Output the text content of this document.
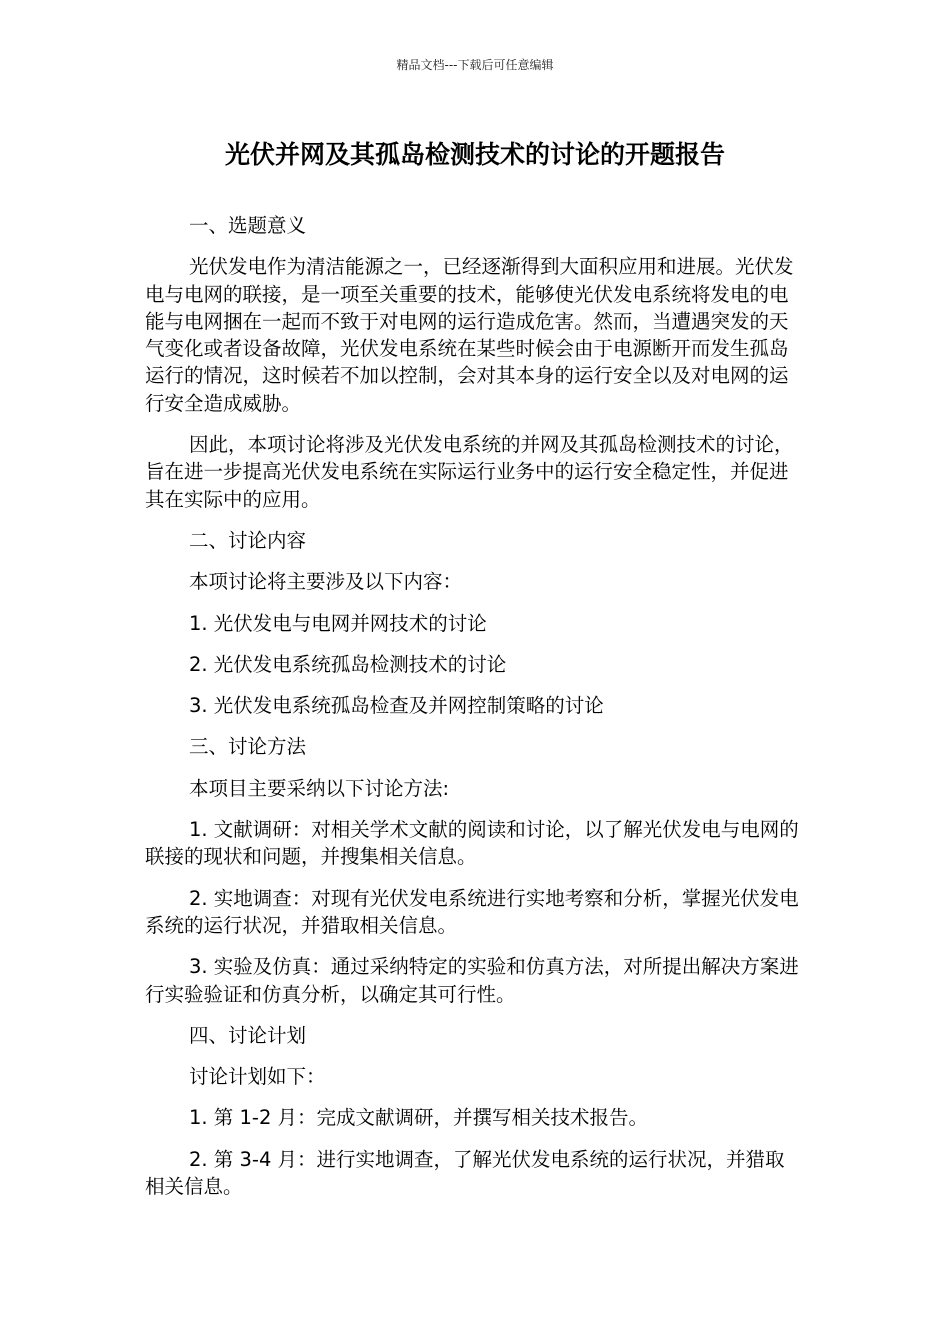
精品文档---下载后可任意编辑
光伏并网及其孤岛检测技术的讨论的开题报告

一、选题意义

光伏发电作为清洁能源之一，已经逐渐得到大面积应用和进展。光伏发电与电网的联接，是一项至关重要的技术，能够使光伏发电系统将发电的电能与电网捆在一起而不致于对电网的运行造成危害。然而，当遭遇突发的天气变化或者设备故障，光伏发电系统在某些时候会由于电源断开而发生孤岛运行的情况，这时候若不加以控制，会对其本身的运行安全以及对电网的运行安全造成威胁。

因此，本项讨论将涉及光伏发电系统的并网及其孤岛检测技术的讨论，旨在进一步提高光伏发电系统在实际运行业务中的运行安全稳定性，并促进其在实际中的应用。

二、讨论内容

本项讨论将主要涉及以下内容：

1. 光伏发电与电网并网技术的讨论

2. 光伏发电系统孤岛检测技术的讨论

3. 光伏发电系统孤岛检查及并网控制策略的讨论

三、讨论方法

本项目主要采纳以下讨论方法:

1. 文献调研：对相关学术文献的阅读和讨论，以了解光伏发电与电网的联接的现状和问题，并搜集相关信息。

2. 实地调查：对现有光伏发电系统进行实地考察和分析，掌握光伏发电系统的运行状况，并猎取相关信息。

3. 实验及仿真：通过采纳特定的实验和仿真方法，对所提出解决方案进行实验验证和仿真分析，以确定其可行性。

四、讨论计划

讨论计划如下：

1. 第 1-2 月：完成文献调研，并撰写相关技术报告。

2. 第 3-4 月：进行实地调查，了解光伏发电系统的运行状况，并猎取相关信息。
